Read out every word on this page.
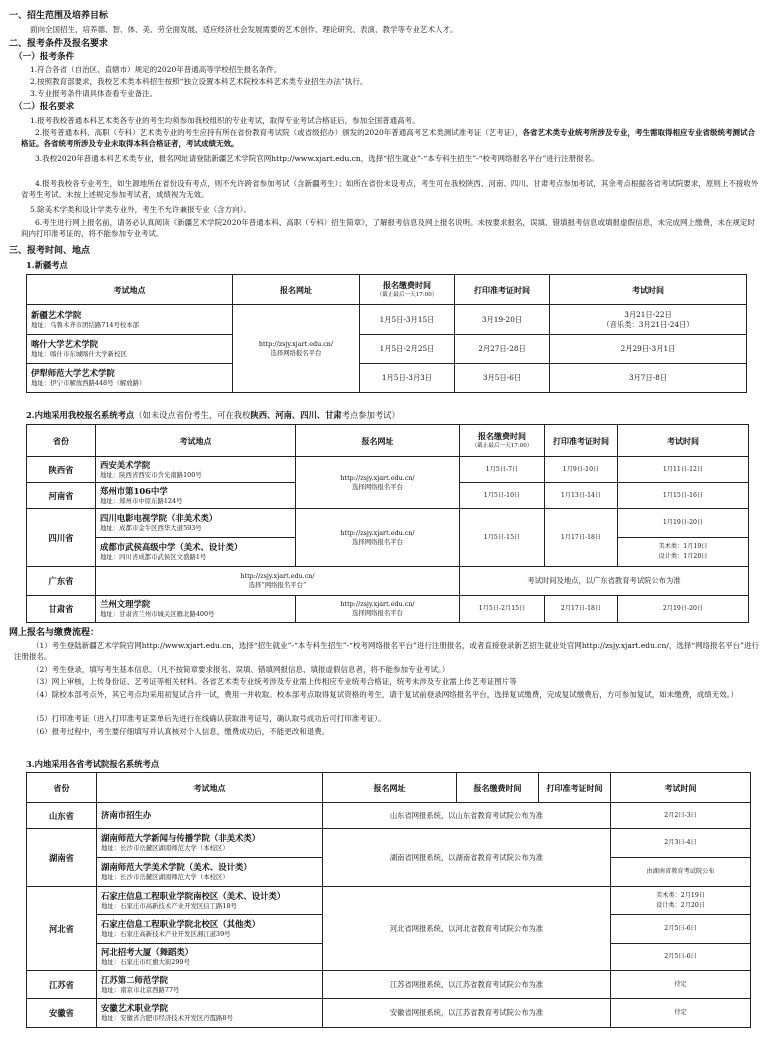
一、招生范围及培养目标

面向全国招生，培养德、智、体、美、劳全面发展，适应经济社会发展需要的艺术创作、理论研究、表演、教学等专业艺术人才。

二、报考条件及报名要求
（一）报考条件

1.符合各省（自治区、直辖市）规定的2020年普通高等学校招生报名条件。

2.按照教育部要求，我校艺术类本科招生按照“独立设置本科艺术院校本科艺术类专业招生办法”执行。

3.专业报考条件请具体查看专业备注。

（二）报名要求

1.报考我校普通本科艺术类各专业的考生均须参加我校组织的专业考试，取得专业考试合格证后，参加全国普通高考。

2.报考普通本科、高职（专科）艺术类专业的考生应持有所在省份教育考试院（或省级招办）颁发的2020年普通高考艺术类测试准考证（艺考证），各省艺术类专业统考所涉及专业，考生需取得相应专业省级统考测试合格证。各省统考所涉及专业未取得本科合格证者，考试成绩无效。

3.我校2020年普通本科艺术类专业，报名网址请登陆新疆艺术学院官网http://www.xjart.edu.cn，选择“招生就业”-“本专科生招生”-“校考网络报名平台”进行注册报名。

4.报考我校各专业考生，如生源地所在省份设有考点，则不允许跨省参加考试（含新疆考生）；如所在省份未设考点，考生可在我校陕西、河南、四川、甘肃考点参加考试，其余考点根据各省考试院要求，原则上不接收外省考生考试。未按上述规定参加考试者，成绩视为无效。

5.除美术学类和设计学类专业外，考生不允许兼报专业（含方向）。

6.考生进行网上报名前，请务必认真阅读《新疆艺术学院2020年普通本科、高职（专科）招生简章》，了解报考信息及网上报名说明。未按要求报名，误填、错填报考信息或填报虚假信息，未完成网上缴费，未在规定时间内打印准考证的，将不能参加专业考试。

三、报考时间、地点
1.新疆考点
考试地点	报名网址	报名缴费时间
（截止最后一天17:00）	打印准考证时间	考试时间

新疆艺术学院
地址：乌鲁木齐市团结路714号校本部	http://zsjy.xjart.edu.cn/
选择网络报名平台	1月5日-3月15日	3月19-20日	3月21日-22日
（音乐类：3月21日-24日）

喀什大学艺术学院
地址：喀什市东城喀什大学新校区		1月5日-2月25日	2月27日-28日	2月29日-3月1日

伊犁师范大学艺术学院
地址：伊宁市解放西路448号（解放路）		1月5日-3月3日	3月5日-6日	3月7日-8日
2.内地采用我校报名系统考点（如未设点省份考生，可在我校陕西、河南、四川、甘肃考点参加考试）
省份	考试地点	报名网址	报名缴费时间
（截止最后一天17:00）	打印准考证时间	考试时间
陕西省	西安美术学院
地址：陕西省西安市含光南路100号	http://zsjy.xjart.edu.cn/
选择网络报名平台	1月5日-7日	1月9日-10日	1月11日-12日
河南省	郑州市第106中学
地址：郑州市中原东路124号		1月5日-10日	1月13日-14日	1月15日-16日
四川省	四川电影电视学院（非美术类）
地址：成都市金牛区西华大道593号	http://zsjy.xjart.edu.cn/
选择网络报名平台	1月5日-15日	1月17日-18日	1月19日-20日

	成都市武侯高级中学（美术、设计类）
地址：四川省成都市武侯区文盛路1号				美术类：1月19日
设计类：1月20日
广东省	http://zsjy.xjart.edu.cn/
选择“网络报名平台”		考试时间及地点，以广东省教育考试院公布为准		
甘肃省	兰州文理学院
地址：甘肃省兰州市城关区雁北路400号	http://zsjy.xjart.edu.cn/
选择网络报名平台	1月5日-2月15日	2月17日-18日	2月19日-20日
网上报名与缴费流程：

（1）考生登陆新疆艺术学院官网http://www.xjart.edu.cn，选择“招生就业”-“本专科生招生”-“校考网络报名平台”进行注册报名，或者直接登录新艺招生就业处官网http://zsjy.xjart.edu.cn/，选择“网络报名平台”进行注册报名。

（2）考生登录，填写考生基本信息。（凡不按简章要求报名、误填、错填网报信息、填报虚假信息者，将不能参加专业考试。）

（3）网上审核，上传身份证、艺考证等相关材料。各省艺术类专业统考涉及专业需上传相应专业统考合格证，统考未涉及专业需上传艺考证图片等

（4）除校本部考点外，其它考点均采用初复试合并一试，费用一并收取。校本部考点取得复试资格的考生，请于复试前登录网络报名平台，选择复试缴费，完成复试缴费后，方可参加复试，如未缴费，成绩无效。）

（5）打印准考证（进入打印准考证菜单后先进行在线确认获取准考证号，确认取号成功后可打印准考证）。

（6）报考过程中，考生要仔细填写并认真核对个人信息，缴费成功后，不能更改和退费。

3.内地采用各省考试院报名系统考点
省份	考试地点	报名网址	报名缴费时间	打印准考证时间	考试时间
山东省	济南市招生办	山东省网报系统，以山东省教育考试院公布为准			2月2日-3日
湖南省	湖南师范大学新闻与传播学院（非美术类）
地址：长沙市岳麓区湖南师范大学（本校区）	湖南省网报系统，以湖南省教育考试院公布为准			2月3日-4日

	湖南师范大学美术学院（美术、设计类）
地址：长沙市岳麓区湖南师范大学（本校区）				由湖南省教育考试院公布
河北省	石家庄信息工程职业学院南校区（美术、设计类）
地址：石家庄市高新技术产业开发区信工路18号	河北省网报系统，以河北省教育考试院公布为准			美术类：2月19日
设计类：2月20日

	石家庄信息工程职业学院北校区（其他类）
地址：石家庄高新技术产业开发区湘江道39号				2月5日-6日

	河北招考大厦（舞蹈类）
地址：石家庄市红旗大街299号				2月5日-6日
江苏省	江苏第二师范学院
地址：南京市北京西路77号	江苏省网报系统，以江苏省教育考试院公布为准			待定
安徽省	安徽艺术职业学院
地址：安徽省合肥市经济技术开发区丹霞路8号	安徽省网报系统，以江苏省教育考试院公布为准			待定
